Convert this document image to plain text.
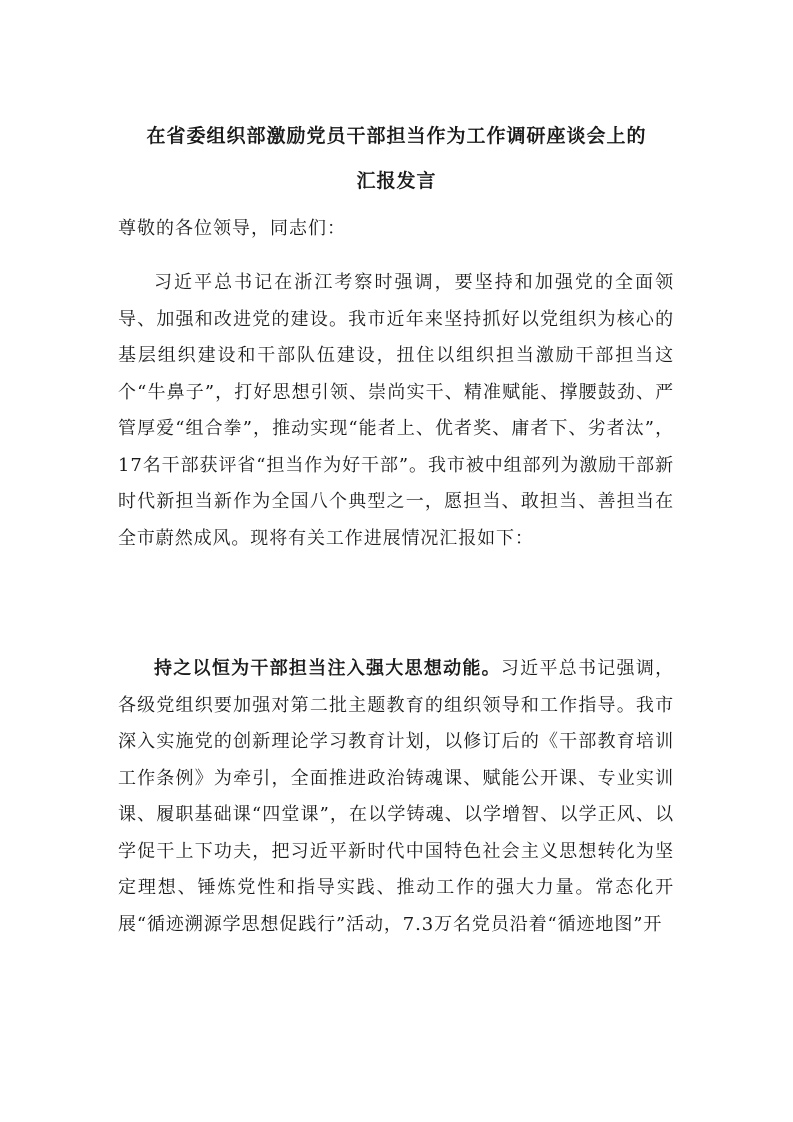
在省委组织部激励党员干部担当作为工作调研座谈会上的
汇报发言
尊敬的各位领导，同志们：

习近平总书记在浙江考察时强调，要坚持和加强党的全面领导、加强和改进党的建设。我市近年来坚持抓好以党组织为核心的基层组织建设和干部队伍建设，扭住以组织担当激励干部担当这个“牛鼻子”，打好思想引领、崇尚实干、精准赋能、撑腰鼓劲、严管厚爱“组合拳”，推动实现“能者上、优者奖、庸者下、劣者汰”，17名干部获评省“担当作为好干部”。我市被中组部列为激励干部新时代新担当新作为全国八个典型之一，愿担当、敢担当、善担当在全市蔚然成风。现将有关工作进展情况汇报如下：

持之以恒为干部担当注入强大思想动能。习近平总书记强调，各级党组织要加强对第二批主题教育的组织领导和工作指导。我市深入实施党的创新理论学习教育计划，以修订后的《干部教育培训工作条例》为牵引，全面推进政治铸魂课、赋能公开课、专业实训课、履职基础课“四堂课”，在以学铸魂、以学增智、以学正风、以学促干上下功夫，把习近平新时代中国特色社会主义思想转化为坚定理想、锤炼党性和指导实践、推动工作的强大力量。常态化开展“循迹溯源学思想促践行”活动，7.3万名党员沿着“循迹地图”开
